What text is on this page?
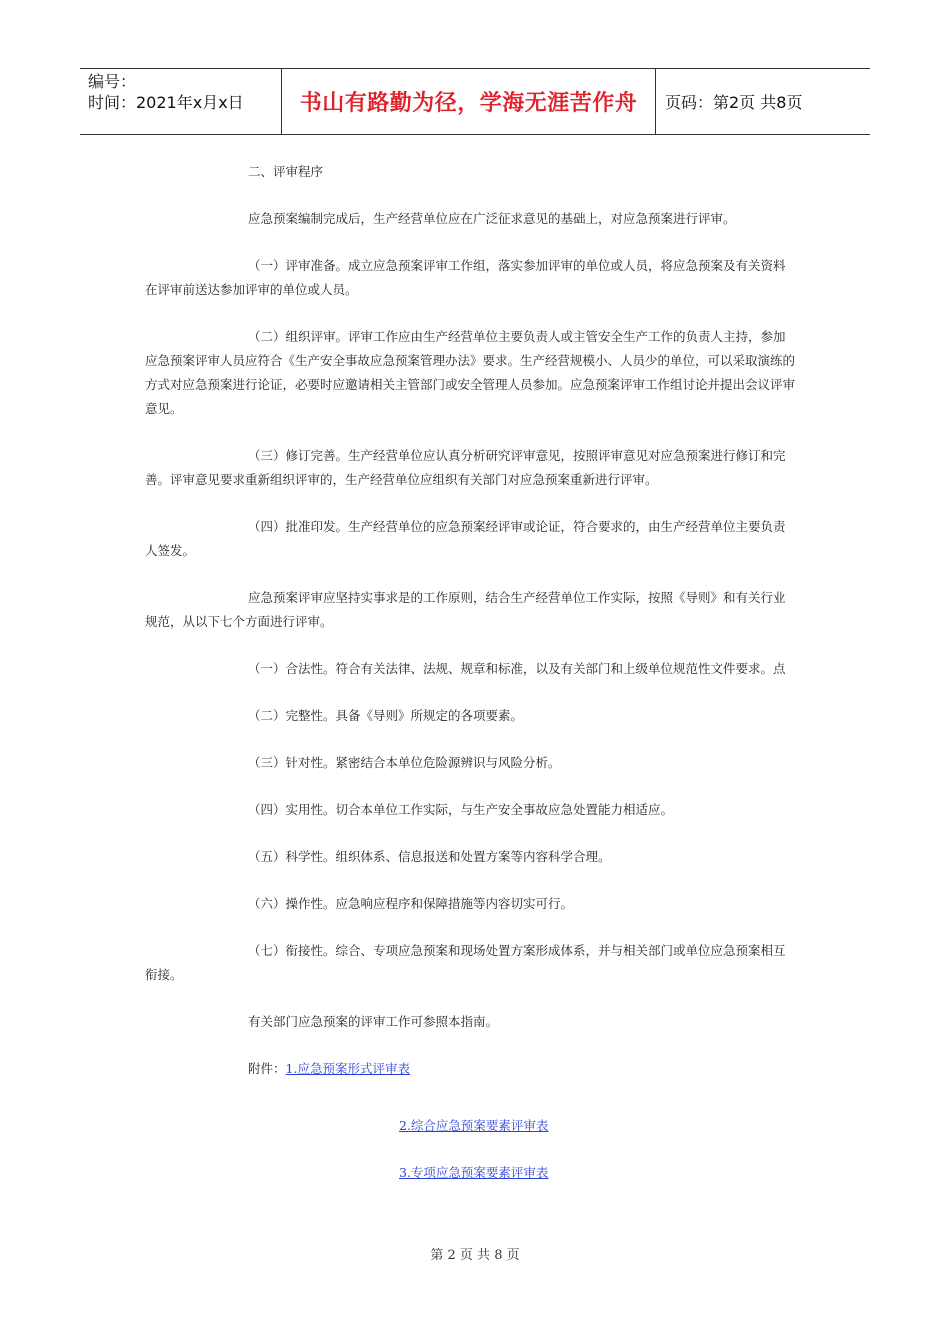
编号：
时间：2021年x月x日	书山有路勤为径，学海无涯苦作舟 页码：第2页 共8页

二、评审程序

应急预案编制完成后，生产经营单位应在广泛征求意见的基础上，对应急预案进行评审。

（一）评审准备。成立应急预案评审工作组，落实参加评审的单位或人员，将应急预案及有关资料在评审前送达参加评审的单位或人员。

（二）组织评审。评审工作应由生产经营单位主要负责人或主管安全生产工作的负责人主持，参加应急预案评审人员应符合《生产安全事故应急预案管理办法》要求。生产经营规模小、人员少的单位，可以采取演练的方式对应急预案进行论证，必要时应邀请相关主管部门或安全管理人员参加。应急预案评审工作组讨论并提出会议评审意见。

（三）修订完善。生产经营单位应认真分析研究评审意见，按照评审意见对应急预案进行修订和完善。评审意见要求重新组织评审的，生产经营单位应组织有关部门对应急预案重新进行评审。

（四）批准印发。生产经营单位的应急预案经评审或论证，符合要求的，由生产经营单位主要负责人签发。

应急预案评审应坚持实事求是的工作原则，结合生产经营单位工作实际，按照《导则》和有关行业规范，从以下七个方面进行评审。

（一）合法性。符合有关法律、法规、规章和标准，以及有关部门和上级单位规范性文件要求。点

（二）完整性。具备《导则》所规定的各项要素。

（三）针对性。紧密结合本单位危险源辨识与风险分析。

（四）实用性。切合本单位工作实际，与生产安全事故应急处置能力相适应。

（五）科学性。组织体系、信息报送和处置方案等内容科学合理。

（六）操作性。应急响应程序和保障措施等内容切实可行。

（七）衔接性。综合、专项应急预案和现场处置方案形成体系，并与相关部门或单位应急预案相互衔接。

有关部门应急预案的评审工作可参照本指南。

附件：1.应急预案形式评审表

2.综合应急预案要素评审表
3.专项应急预案要素评审表
第 2 页 共 8 页
